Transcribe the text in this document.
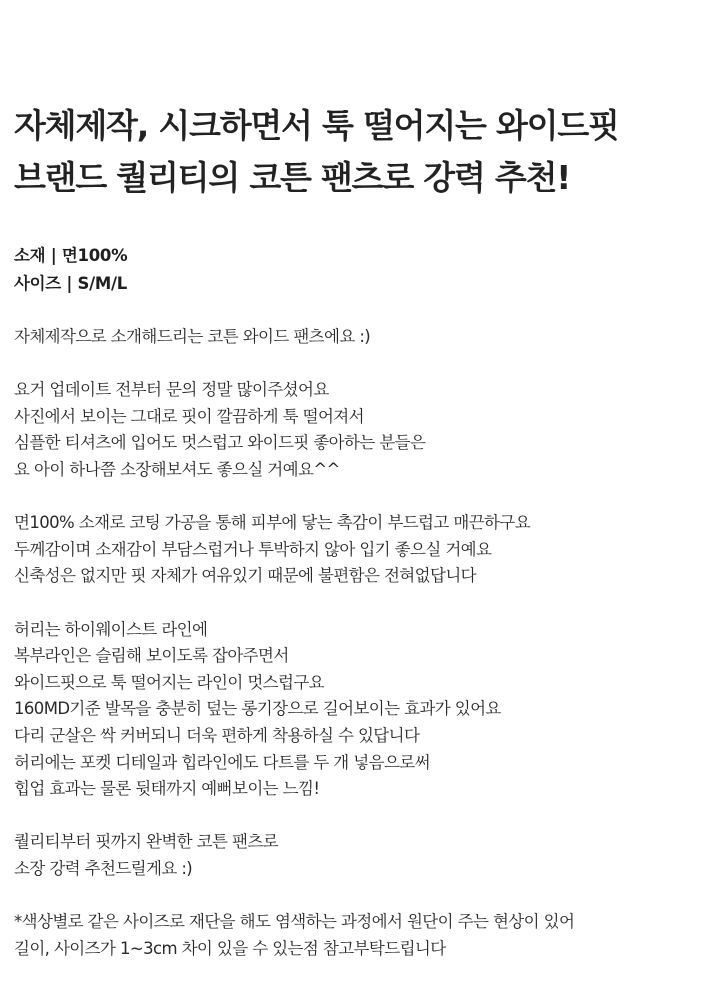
자체제작, 시크하면서 툭 떨어지는 와이드핏
브랜드 퀄리티의 코튼 팬츠로 강력 추천!
소재 | 면100%
사이즈 | S/M/L
자체제작으로 소개해드리는 코튼 와이드 팬츠에요 :)
요거 업데이트 전부터 문의 정말 많이주셨어요
사진에서 보이는 그대로 핏이 깔끔하게 툭 떨어져서
심플한 티셔츠에 입어도 멋스럽고 와이드핏 좋아하는 분들은
요 아이 하나쯤 소장해보셔도 좋으실 거예요^^
면100% 소재로 코팅 가공을 통해 피부에 닿는 촉감이 부드럽고 매끈하구요
두께감이며 소재감이 부담스럽거나 투박하지 않아 입기 좋으실 거예요
신축성은 없지만 핏 자체가 여유있기 때문에 불편함은 전혀없답니다
허리는 하이웨이스트 라인에
복부라인은 슬림해 보이도록 잡아주면서
와이드핏으로 툭 떨어지는 라인이 멋스럽구요
160MD기준 발목을 충분히 덮는 롱기장으로 길어보이는 효과가 있어요
다리 군살은 싹 커버되니 더욱 편하게 착용하실 수 있답니다
허리에는 포켓 디테일과 힙라인에도 다트를 두 개 넣음으로써
힙업 효과는 물론 뒷태까지 예뻐보이는 느낌!
퀄리티부터 핏까지 완벽한 코튼 팬츠로
소장 강력 추천드릴게요 :)
*색상별로 같은 사이즈로 재단을 해도 염색하는 과정에서 원단이 주는 현상이 있어
길이, 사이즈가 1~3cm 차이 있을 수 있는점 참고부탁드립니다
